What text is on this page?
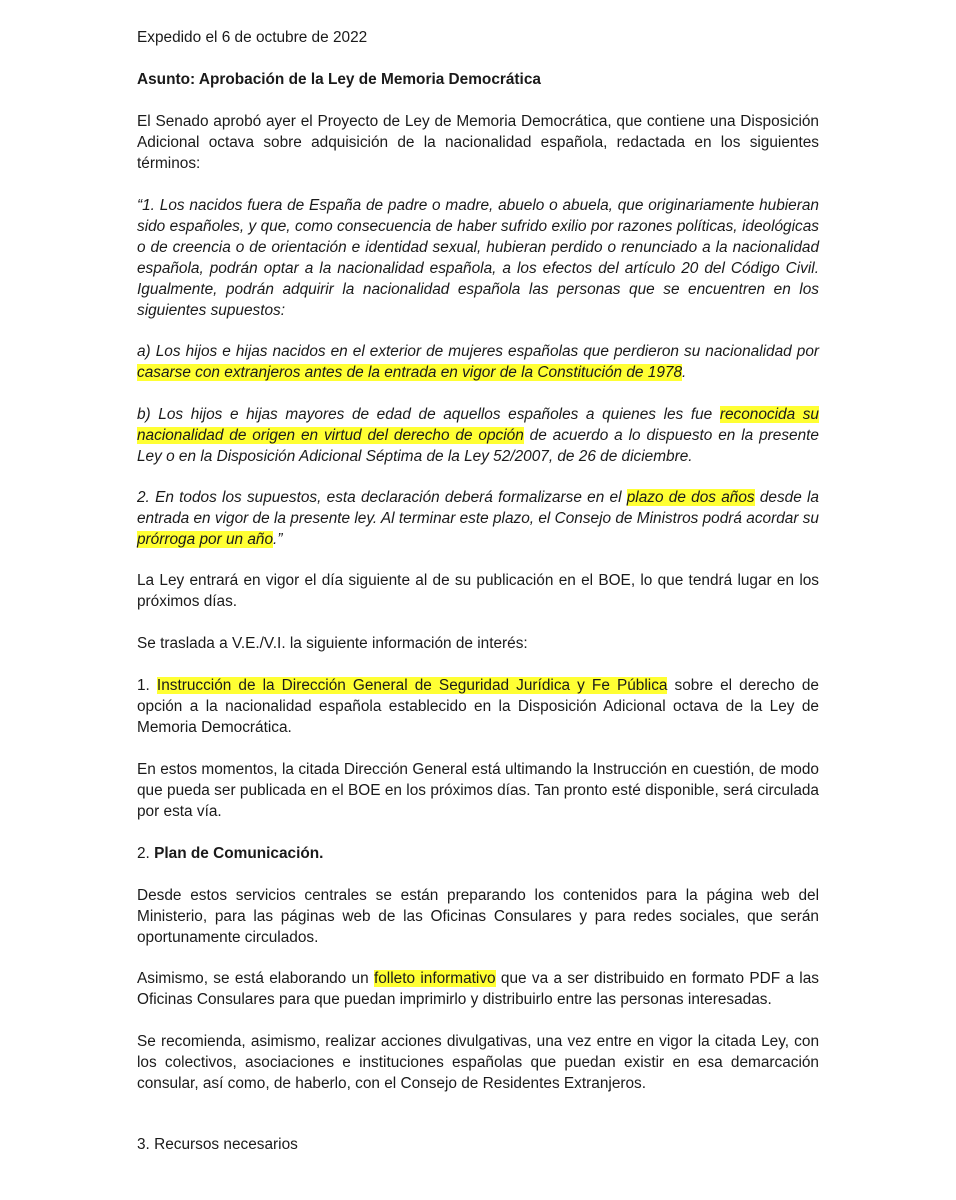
Expedido el 6 de octubre de 2022

Asunto: Aprobación de la Ley de Memoria Democrática

El Senado aprobó ayer el Proyecto de Ley de Memoria Democrática, que contiene una Disposición Adicional octava sobre adquisición de la nacionalidad española, redactada en los siguientes términos:

“1. Los nacidos fuera de España de padre o madre, abuelo o abuela, que originariamente hubieran sido españoles, y que, como consecuencia de haber sufrido exilio por razones políticas, ideológicas o de creencia o de orientación e identidad sexual, hubieran perdido o renunciado a la nacionalidad española, podrán optar a la nacionalidad española, a los efectos del artículo 20 del Código Civil. Igualmente, podrán adquirir la nacionalidad española las personas que se encuentren en los siguientes supuestos:

a) Los hijos e hijas nacidos en el exterior de mujeres españolas que perdieron su nacionalidad por casarse con extranjeros antes de la entrada en vigor de la Constitución de 1978.

b) Los hijos e hijas mayores de edad de aquellos españoles a quienes les fue reconocida su nacionalidad de origen en virtud del derecho de opción de acuerdo a lo dispuesto en la presente Ley o en la Disposición Adicional Séptima de la Ley 52/2007, de 26 de diciembre.

2. En todos los supuestos, esta declaración deberá formalizarse en el plazo de dos años desde la entrada en vigor de la presente ley. Al terminar este plazo, el Consejo de Ministros podrá acordar su prórroga por un año.”

La Ley entrará en vigor el día siguiente al de su publicación en el BOE, lo que tendrá lugar en los próximos días.

Se traslada a V.E./V.I. la siguiente información de interés:

1. Instrucción de la Dirección General de Seguridad Jurídica y Fe Pública sobre el derecho de opción a la nacionalidad española establecido en la Disposición Adicional octava de la Ley de Memoria Democrática.

En estos momentos, la citada Dirección General está ultimando la Instrucción en cuestión, de modo que pueda ser publicada en el BOE en los próximos días. Tan pronto esté disponible, será circulada por esta vía.

2. Plan de Comunicación.

Desde estos servicios centrales se están preparando los contenidos para la página web del Ministerio, para las páginas web de las Oficinas Consulares y para redes sociales, que serán oportunamente circulados.

Asimismo, se está elaborando un folleto informativo que va a ser distribuido en formato PDF a las Oficinas Consulares para que puedan imprimirlo y distribuirlo entre las personas interesadas.

Se recomienda, asimismo, realizar acciones divulgativas, una vez entre en vigor la citada Ley, con los colectivos, asociaciones e instituciones españolas que puedan existir en esa demarcación consular, así como, de haberlo, con el Consejo de Residentes Extranjeros.

3. Recursos necesarios
